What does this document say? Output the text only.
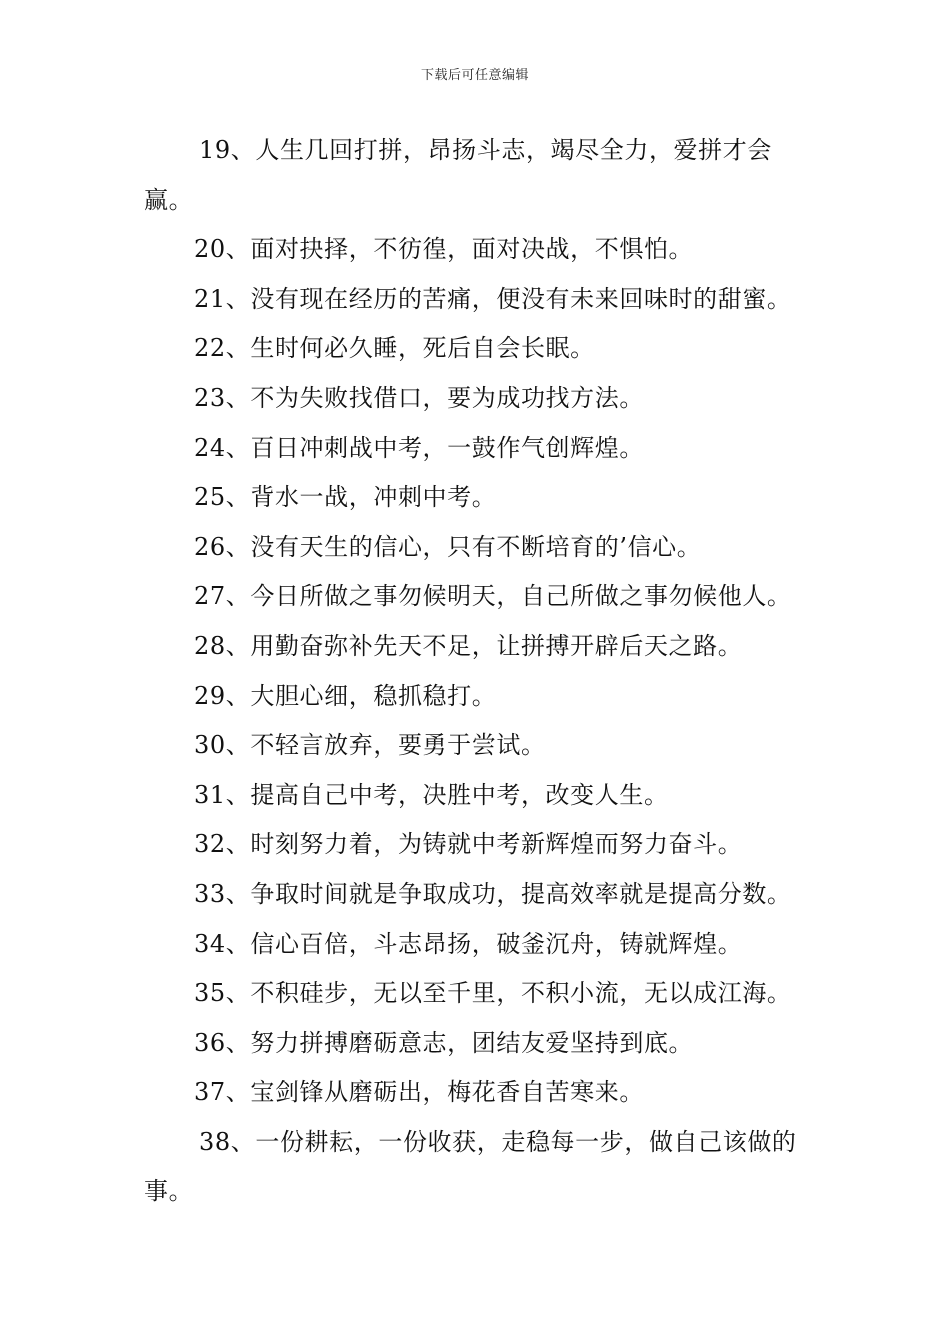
下载后可任意编辑

19、人生几回打拼，昂扬斗志，竭尽全力，爱拼才会赢。

20、面对抉择，不彷徨，面对决战，不惧怕。

21、没有现在经历的苦痛，便没有未来回味时的甜蜜。

22、生时何必久睡，死后自会长眠。

23、不为失败找借口，要为成功找方法。

24、百日冲刺战中考，一鼓作气创辉煌。

25、背水一战，冲刺中考。

26、没有天生的信心，只有不断培育的’信心。

27、今日所做之事勿候明天，自己所做之事勿候他人。

28、用勤奋弥补先天不足，让拼搏开辟后天之路。

29、大胆心细，稳抓稳打。

30、不轻言放弃，要勇于尝试。

31、提高自己中考，决胜中考，改变人生。

32、时刻努力着，为铸就中考新辉煌而努力奋斗。

33、争取时间就是争取成功，提高效率就是提高分数。

34、信心百倍，斗志昂扬，破釜沉舟，铸就辉煌。

35、不积硅步，无以至千里，不积小流，无以成江海。

36、努力拼搏磨砺意志，团结友爱坚持到底。

37、宝剑锋从磨砺出，梅花香自苦寒来。

38、一份耕耘，一份收获，走稳每一步，做自己该做的事。
